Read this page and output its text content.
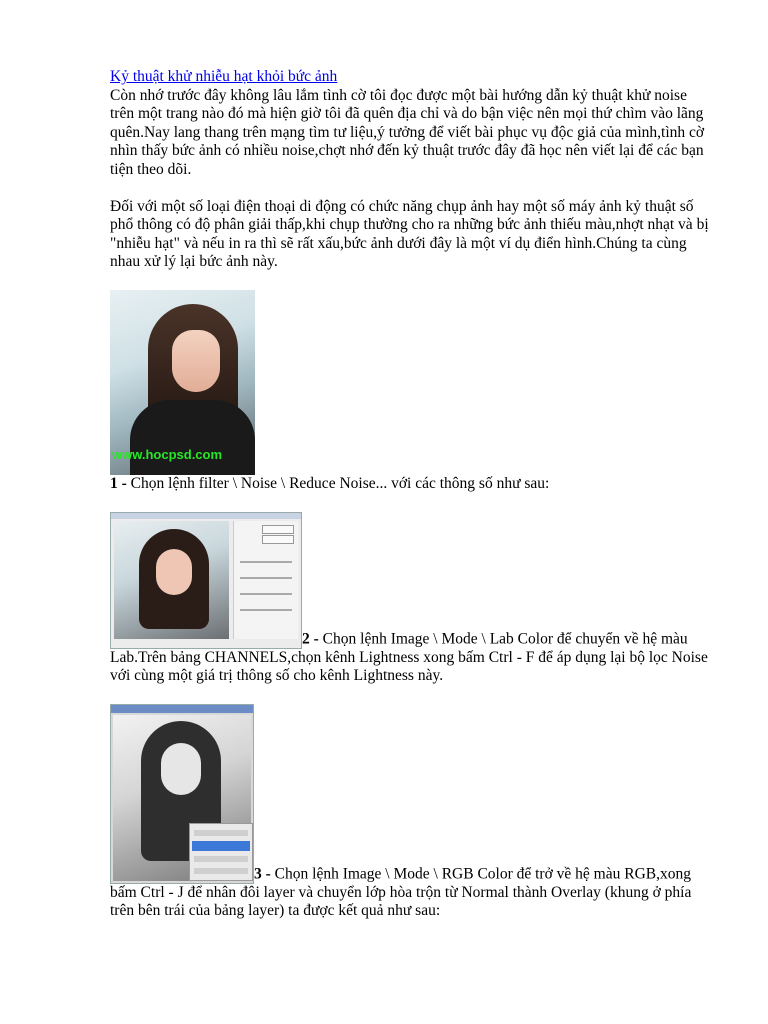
Kỷ thuật khử nhiễu hạt khỏi bức ảnh

Còn nhớ trước đây không lâu lắm tình cờ tôi đọc được một bài hướng dẫn kỷ thuật khử noise trên một trang nào đó mà hiện giờ tôi đã quên địa chỉ và do bận việc nên mọi thứ chìm vào lãng quên.Nay lang thang trên mạng tìm tư liệu,ý tưởng để viết bài phục vụ độc giả của mình,tình cờ nhìn thấy bức ảnh có nhiều noise,chợt nhớ đến kỷ thuật trước đây đã học nên viết lại để các bạn tiện theo dõi.

Đối với một số loại điện thoại di động có chức năng chụp ảnh hay một số máy ảnh kỷ thuật số phổ thông có độ phân giải thấp,khi chụp thường cho ra những bức ảnh thiếu màu,nhợt nhạt và bị "nhiễu hạt" và nếu in ra thì sẽ rất xấu,bức ảnh dưới đây là một ví dụ điển hình.Chúng ta cùng nhau xử lý lại bức ảnh này.

www.hocpsd.com

1 - Chọn lệnh filter \ Noise \ Reduce Noise... với các thông số như sau:

2 - Chọn lệnh Image \ Mode \ Lab Color để chuyển về hệ màu Lab.Trên bảng CHANNELS,chọn kênh Lightness xong bấm Ctrl - F để áp dụng lại bộ lọc Noise với cùng một giá trị thông số cho kênh Lightness này.

3 - Chọn lệnh Image \ Mode \ RGB Color để trở về hệ màu RGB,xong bấm Ctrl - J để nhân đôi layer và chuyển lớp hòa trộn từ Normal thành Overlay (khung ở phía trên bên trái của bảng layer) ta được kết quả như sau:
